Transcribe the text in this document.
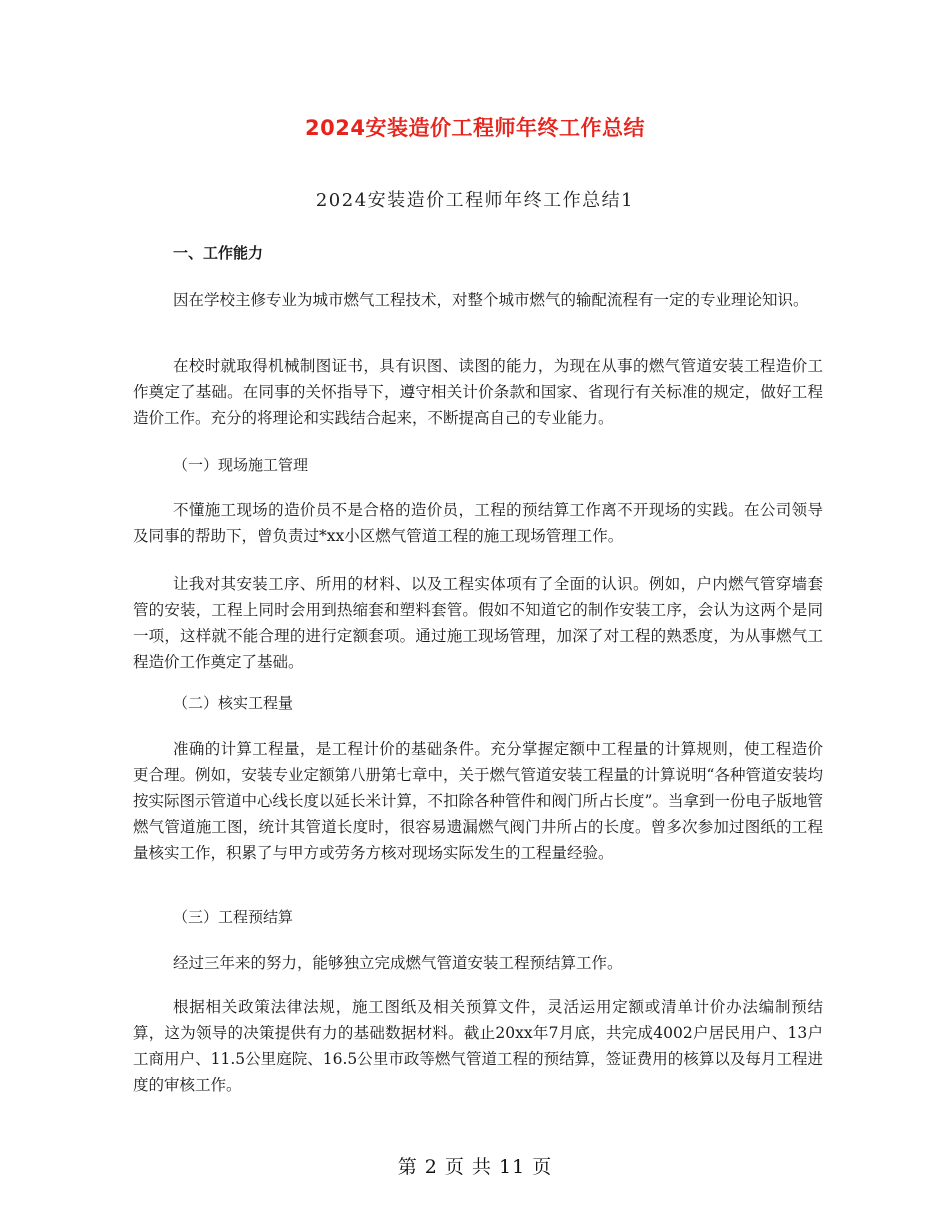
2024安装造价工程师年终工作总结
2024安装造价工程师年终工作总结1
一、工作能力
因在学校主修专业为城市燃气工程技术，对整个城市燃气的输配流程有一定的专业理论知识。
在校时就取得机械制图证书，具有识图、读图的能力，为现在从事的燃气管道安装工程造价工作奠定了基础。在同事的关怀指导下，遵守相关计价条款和国家、省现行有关标准的规定，做好工程造价工作。充分的将理论和实践结合起来，不断提高自己的专业能力。
（一）现场施工管理
不懂施工现场的造价员不是合格的造价员，工程的预结算工作离不开现场的实践。在公司领导及同事的帮助下，曾负责过*xx小区燃气管道工程的施工现场管理工作。
让我对其安装工序、所用的材料、以及工程实体项有了全面的认识。例如，户内燃气管穿墙套管的安装，工程上同时会用到热缩套和塑料套管。假如不知道它的制作安装工序，会认为这两个是同一项，这样就不能合理的进行定额套项。通过施工现场管理，加深了对工程的熟悉度，为从事燃气工程造价工作奠定了基础。
（二）核实工程量
准确的计算工程量，是工程计价的基础条件。充分掌握定额中工程量的计算规则，使工程造价更合理。例如，安装专业定额第八册第七章中，关于燃气管道安装工程量的计算说明“各种管道安装均按实际图示管道中心线长度以延长米计算，不扣除各种管件和阀门所占长度”。当拿到一份电子版地管燃气管道施工图，统计其管道长度时，很容易遗漏燃气阀门井所占的长度。曾多次参加过图纸的工程量核实工作，积累了与甲方或劳务方核对现场实际发生的工程量经验。
（三）工程预结算
经过三年来的努力，能够独立完成燃气管道安装工程预结算工作。
根据相关政策法律法规，施工图纸及相关预算文件，灵活运用定额或清单计价办法编制预结算，这为领导的决策提供有力的基础数据材料。截止20xx年7月底，共完成4002户居民用户、13户工商用户、11.5公里庭院、16.5公里市政等燃气管道工程的预结算，签证费用的核算以及每月工程进度的审核工作。
第 2 页 共 11 页
